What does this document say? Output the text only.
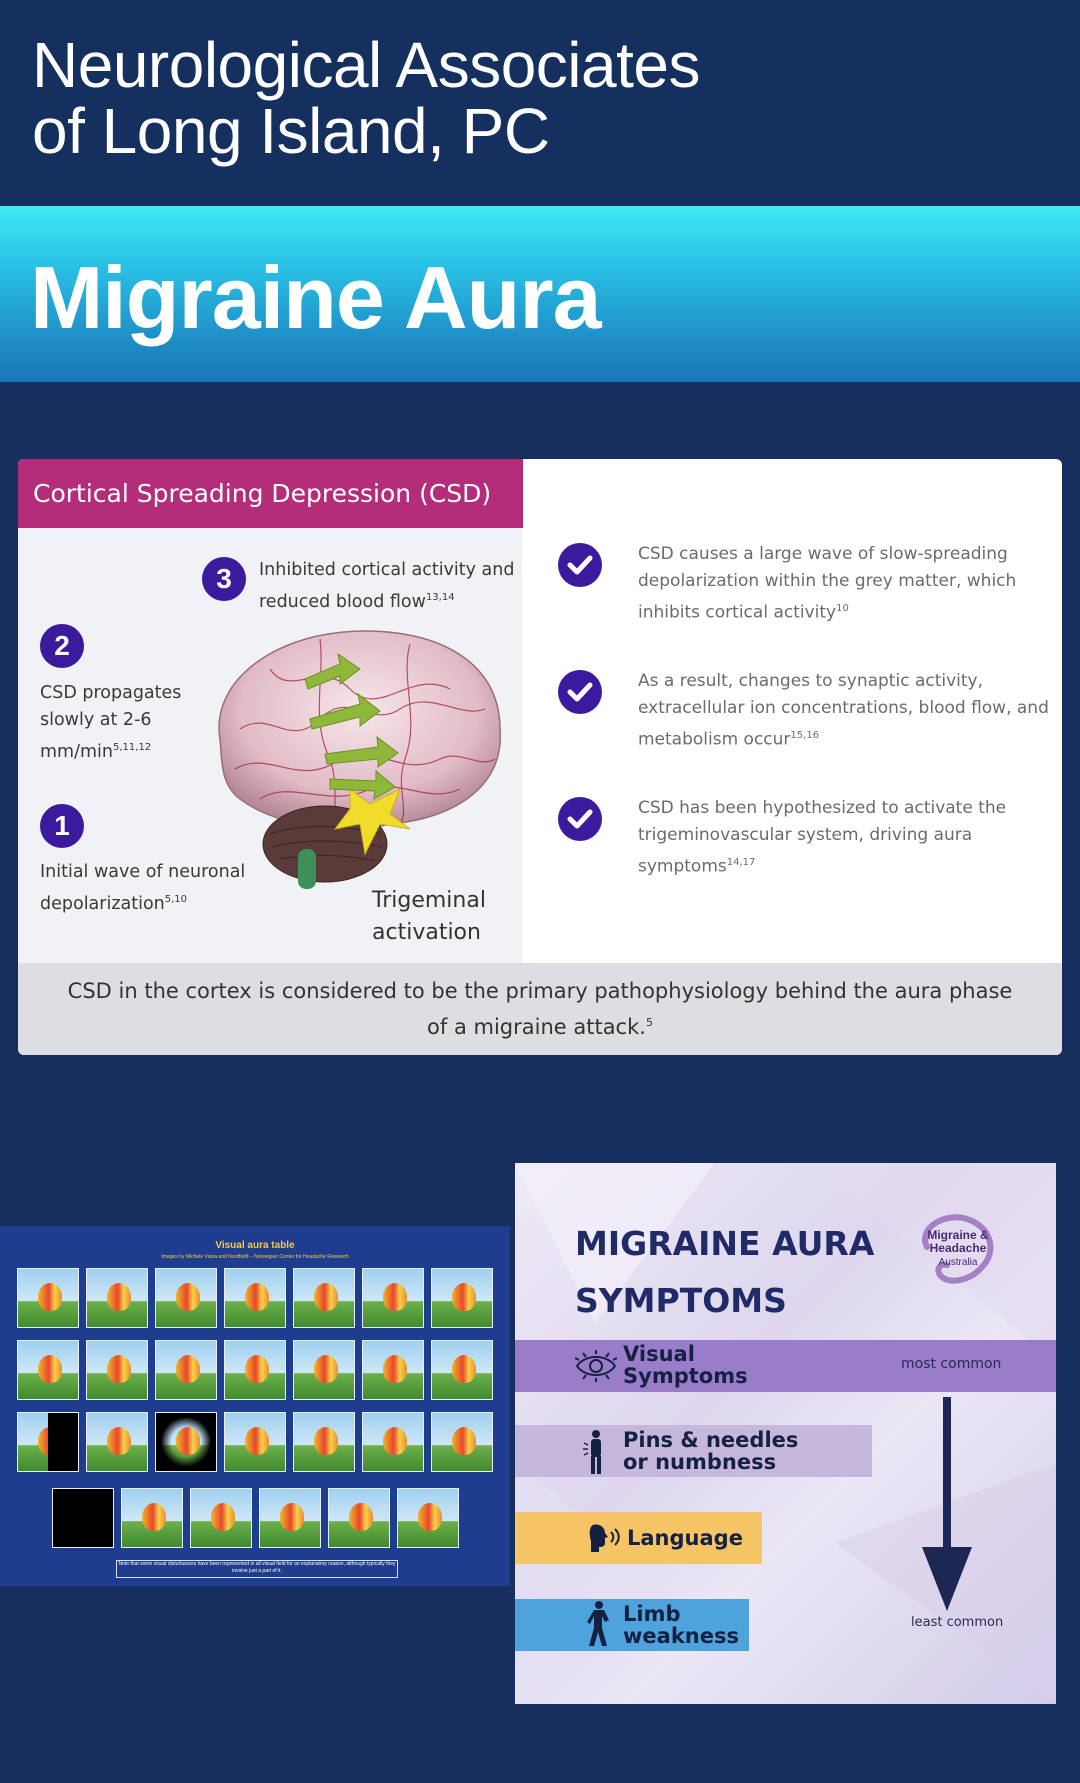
Neurological Associates
of Long Island, PC
Migraine Aura
Cortical Spreading Depression (CSD)
3	Inhibited cortical activity and reduced blood flow$^{13,14}$
2
CSD propagates slowly at 2-6 $mm/\min^{5,11,12}$
1
Initial wave of neuronal depolarization$^{5,10}$	Trigeminal activation
CSD causes a large wave of slow-spreading depolarization within the grey matter, which inhibits cortical activity$^{10}$
As a result, changes to synaptic activity, extracellular ion concentrations, blood flow, and metabolism occur$^{15,16}$
CSD has been hypothesized to activate the trigeminovascular system, driving aura symptoms$^{14,17}$
CSD in the cortex is considered to be the primary pathophysiology behind the aura phase of a migraine attack.$^5$
Visual aura table
Images by Michele Viana and Nordfeldt – Norwegian Center for Headache Research
Note that some visual disturbances have been represented in all visual field for an explanatory reason, although typically they involve just a part of it.
MIGRAINE AURA
SYMPTOMS
Migraine &
Headache
Australia
Visual
Symptoms	most common
Pins & needles
or numbness
Language
Limb
weakness
least common
